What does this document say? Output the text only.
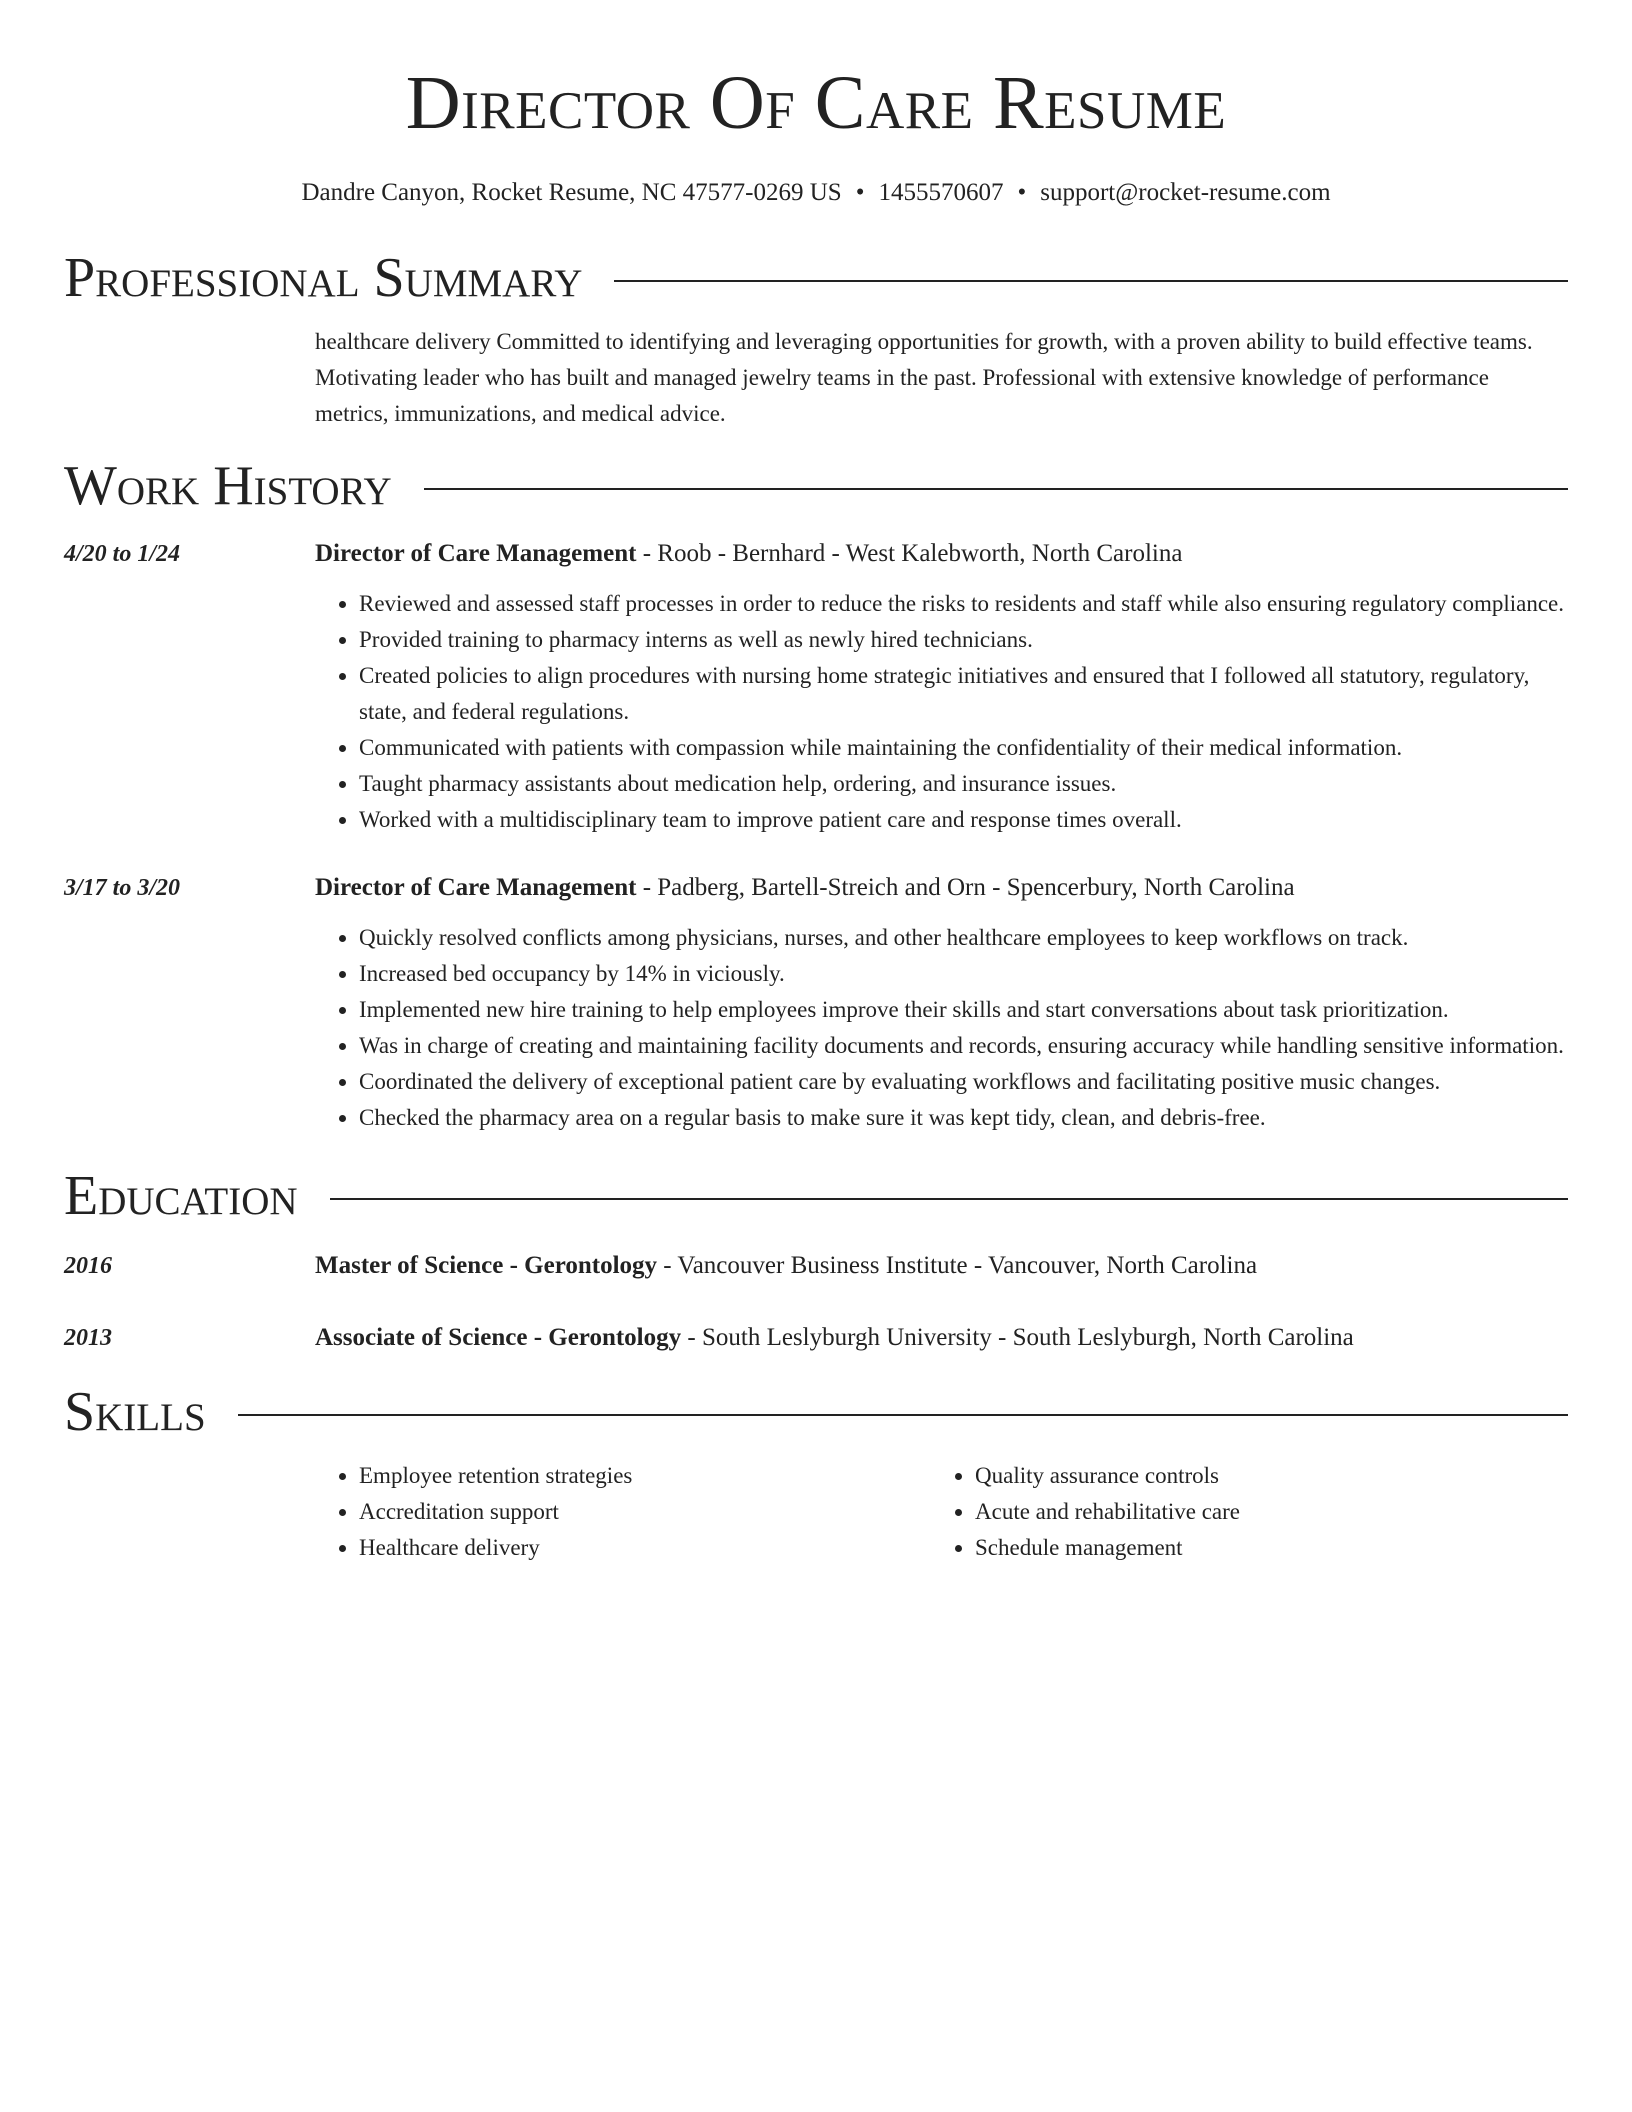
Director Of Care Resume
Dandre Canyon, Rocket Resume, NC 47577-0269 US • 1455570607 • support@rocket-resume.com
Professional Summary
healthcare delivery Committed to identifying and leveraging opportunities for growth, with a proven ability to build effective teams. Motivating leader who has built and managed jewelry teams in the past. Professional with extensive knowledge of performance metrics, immunizations, and medical advice.
Work History
4/20 to 1/24	Director of Care Management - Roob - Bernhard - West Kalebworth, North Carolina
• Reviewed and assessed staff processes in order to reduce the risks to residents and staff while also ensuring regulatory compliance.
• Provided training to pharmacy interns as well as newly hired technicians.
• Created policies to align procedures with nursing home strategic initiatives and ensured that I followed all statutory, regulatory, state, and federal regulations.
• Communicated with patients with compassion while maintaining the confidentiality of their medical information.
• Taught pharmacy assistants about medication help, ordering, and insurance issues.
• Worked with a multidisciplinary team to improve patient care and response times overall.
3/17 to 3/20	Director of Care Management - Padberg, Bartell-Streich and Orn - Spencerbury, North Carolina
• Quickly resolved conflicts among physicians, nurses, and other healthcare employees to keep workflows on track.
• Increased bed occupancy by 14% in viciously.
• Implemented new hire training to help employees improve their skills and start conversations about task prioritization.
• Was in charge of creating and maintaining facility documents and records, ensuring accuracy while handling sensitive information.
• Coordinated the delivery of exceptional patient care by evaluating workflows and facilitating positive music changes.
• Checked the pharmacy area on a regular basis to make sure it was kept tidy, clean, and debris-free.
Education
2016	Master of Science - Gerontology - Vancouver Business Institute - Vancouver, North Carolina
2013	Associate of Science - Gerontology - South Leslyburgh University - South Leslyburgh, North Carolina
Skills
• Employee retention strategies
• Accreditation support
• Healthcare delivery
• Quality assurance controls
• Acute and rehabilitative care
• Schedule management
